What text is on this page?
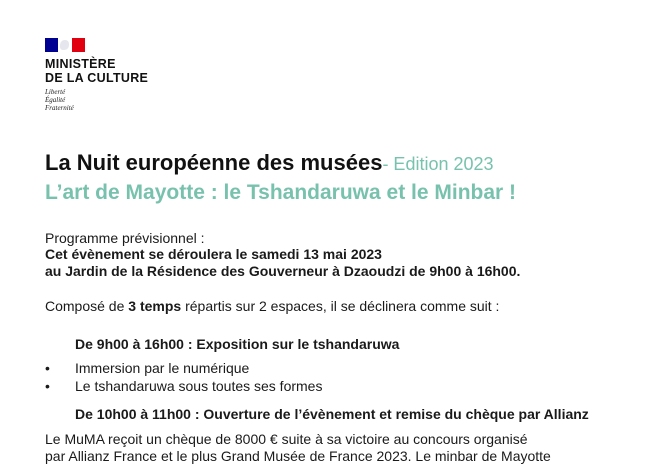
MINISTÈRE
DE LA CULTURE
Liberté
Égalité
Fraternité
La Nuit européenne des musées- Edition 2023
L’art de Mayotte : le Tshandaruwa et le Minbar !
Programme prévisionnel :
Cet évènement se déroulera le samedi 13 mai 2023
au Jardin de la Résidence des Gouverneur à Dzaoudzi de 9h00 à 16h00.
Composé de 3 temps répartis sur 2 espaces, il se déclinera comme suit :
De 9h00 à 16h00 : Exposition sur le tshandaruwa
• Immersion par le numérique
• Le tshandaruwa sous toutes ses formes
De 10h00 à 11h00 : Ouverture de l’évènement et remise du chèque par Allianz
Le MuMA reçoit un chèque de 8000 € suite à sa victoire au concours organisé
par Allianz France et le plus Grand Musée de France 2023. Le minbar de Mayotte
